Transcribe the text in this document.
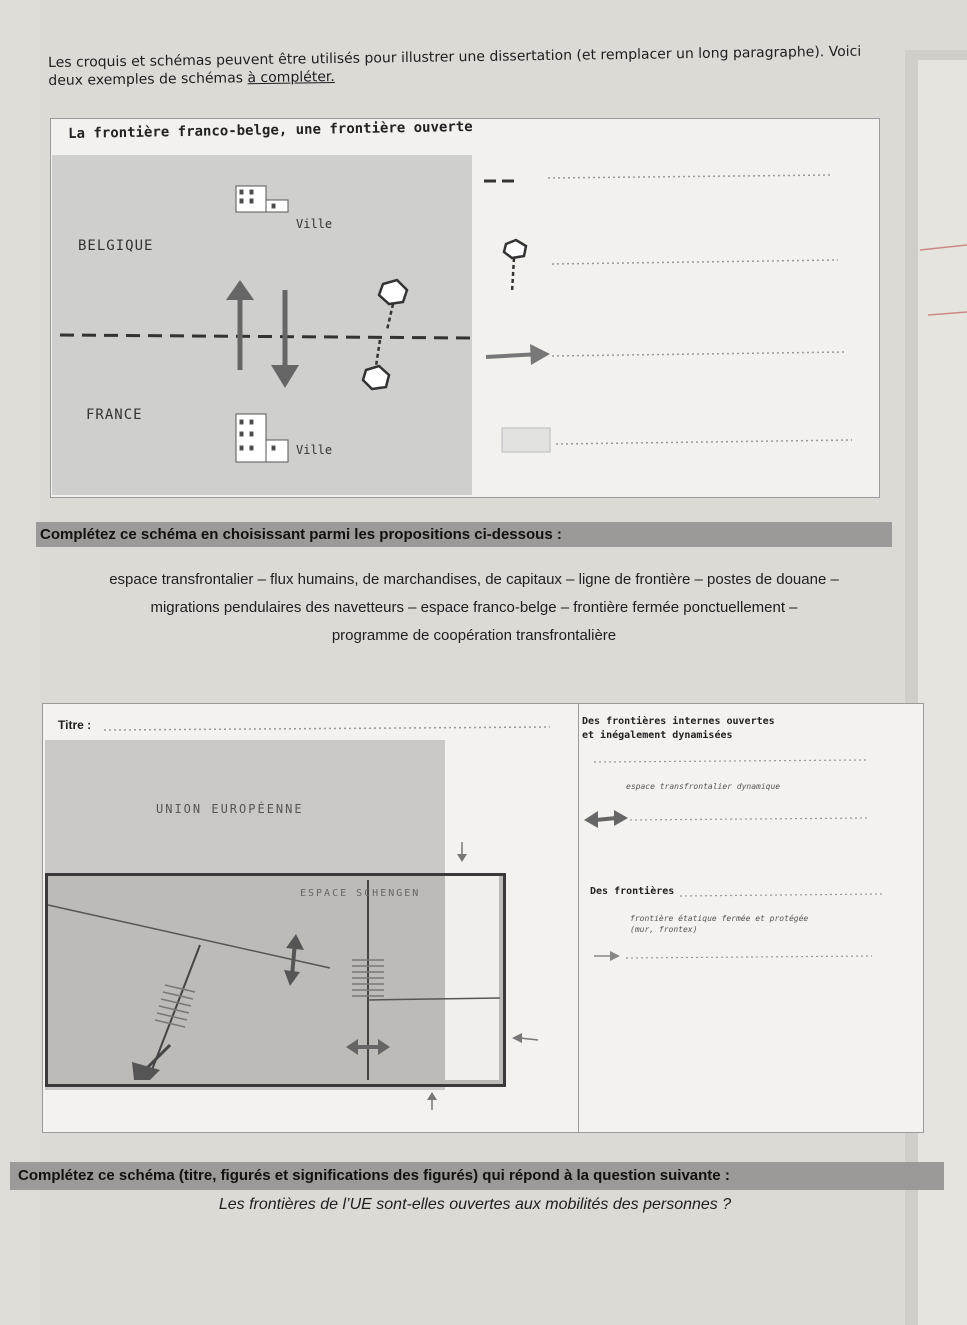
Les croquis et schémas peuvent être utilisés pour illustrer une dissertation (et remplacer un long paragraphe). Voici
deux exemples de schémas à compléter.

La frontière franco-belge, une frontière ouverte
BELGIQUE
FRANCE
Ville
Ville
Complétez ce schéma en choisissant parmi les propositions ci-dessous :
espace transfrontalier – flux humains, de marchandises, de capitaux – ligne de frontière – postes de douane –
migrations pendulaires des navetteurs – espace franco-belge – frontière fermée ponctuellement –
programme de coopération transfrontalière
Titre :
UNION EUROPÉENNE
ESPACE SCHENGEN
Des frontières internes ouvertes
et inégalement dynamisées
espace transfrontalier dynamique
Des frontières
frontière étatique fermée et protégée
(mur, frontex)
Complétez ce schéma (titre, figurés et significations des figurés) qui répond à la question suivante :
Les frontières de l’UE sont-elles ouvertes aux mobilités des personnes ?
